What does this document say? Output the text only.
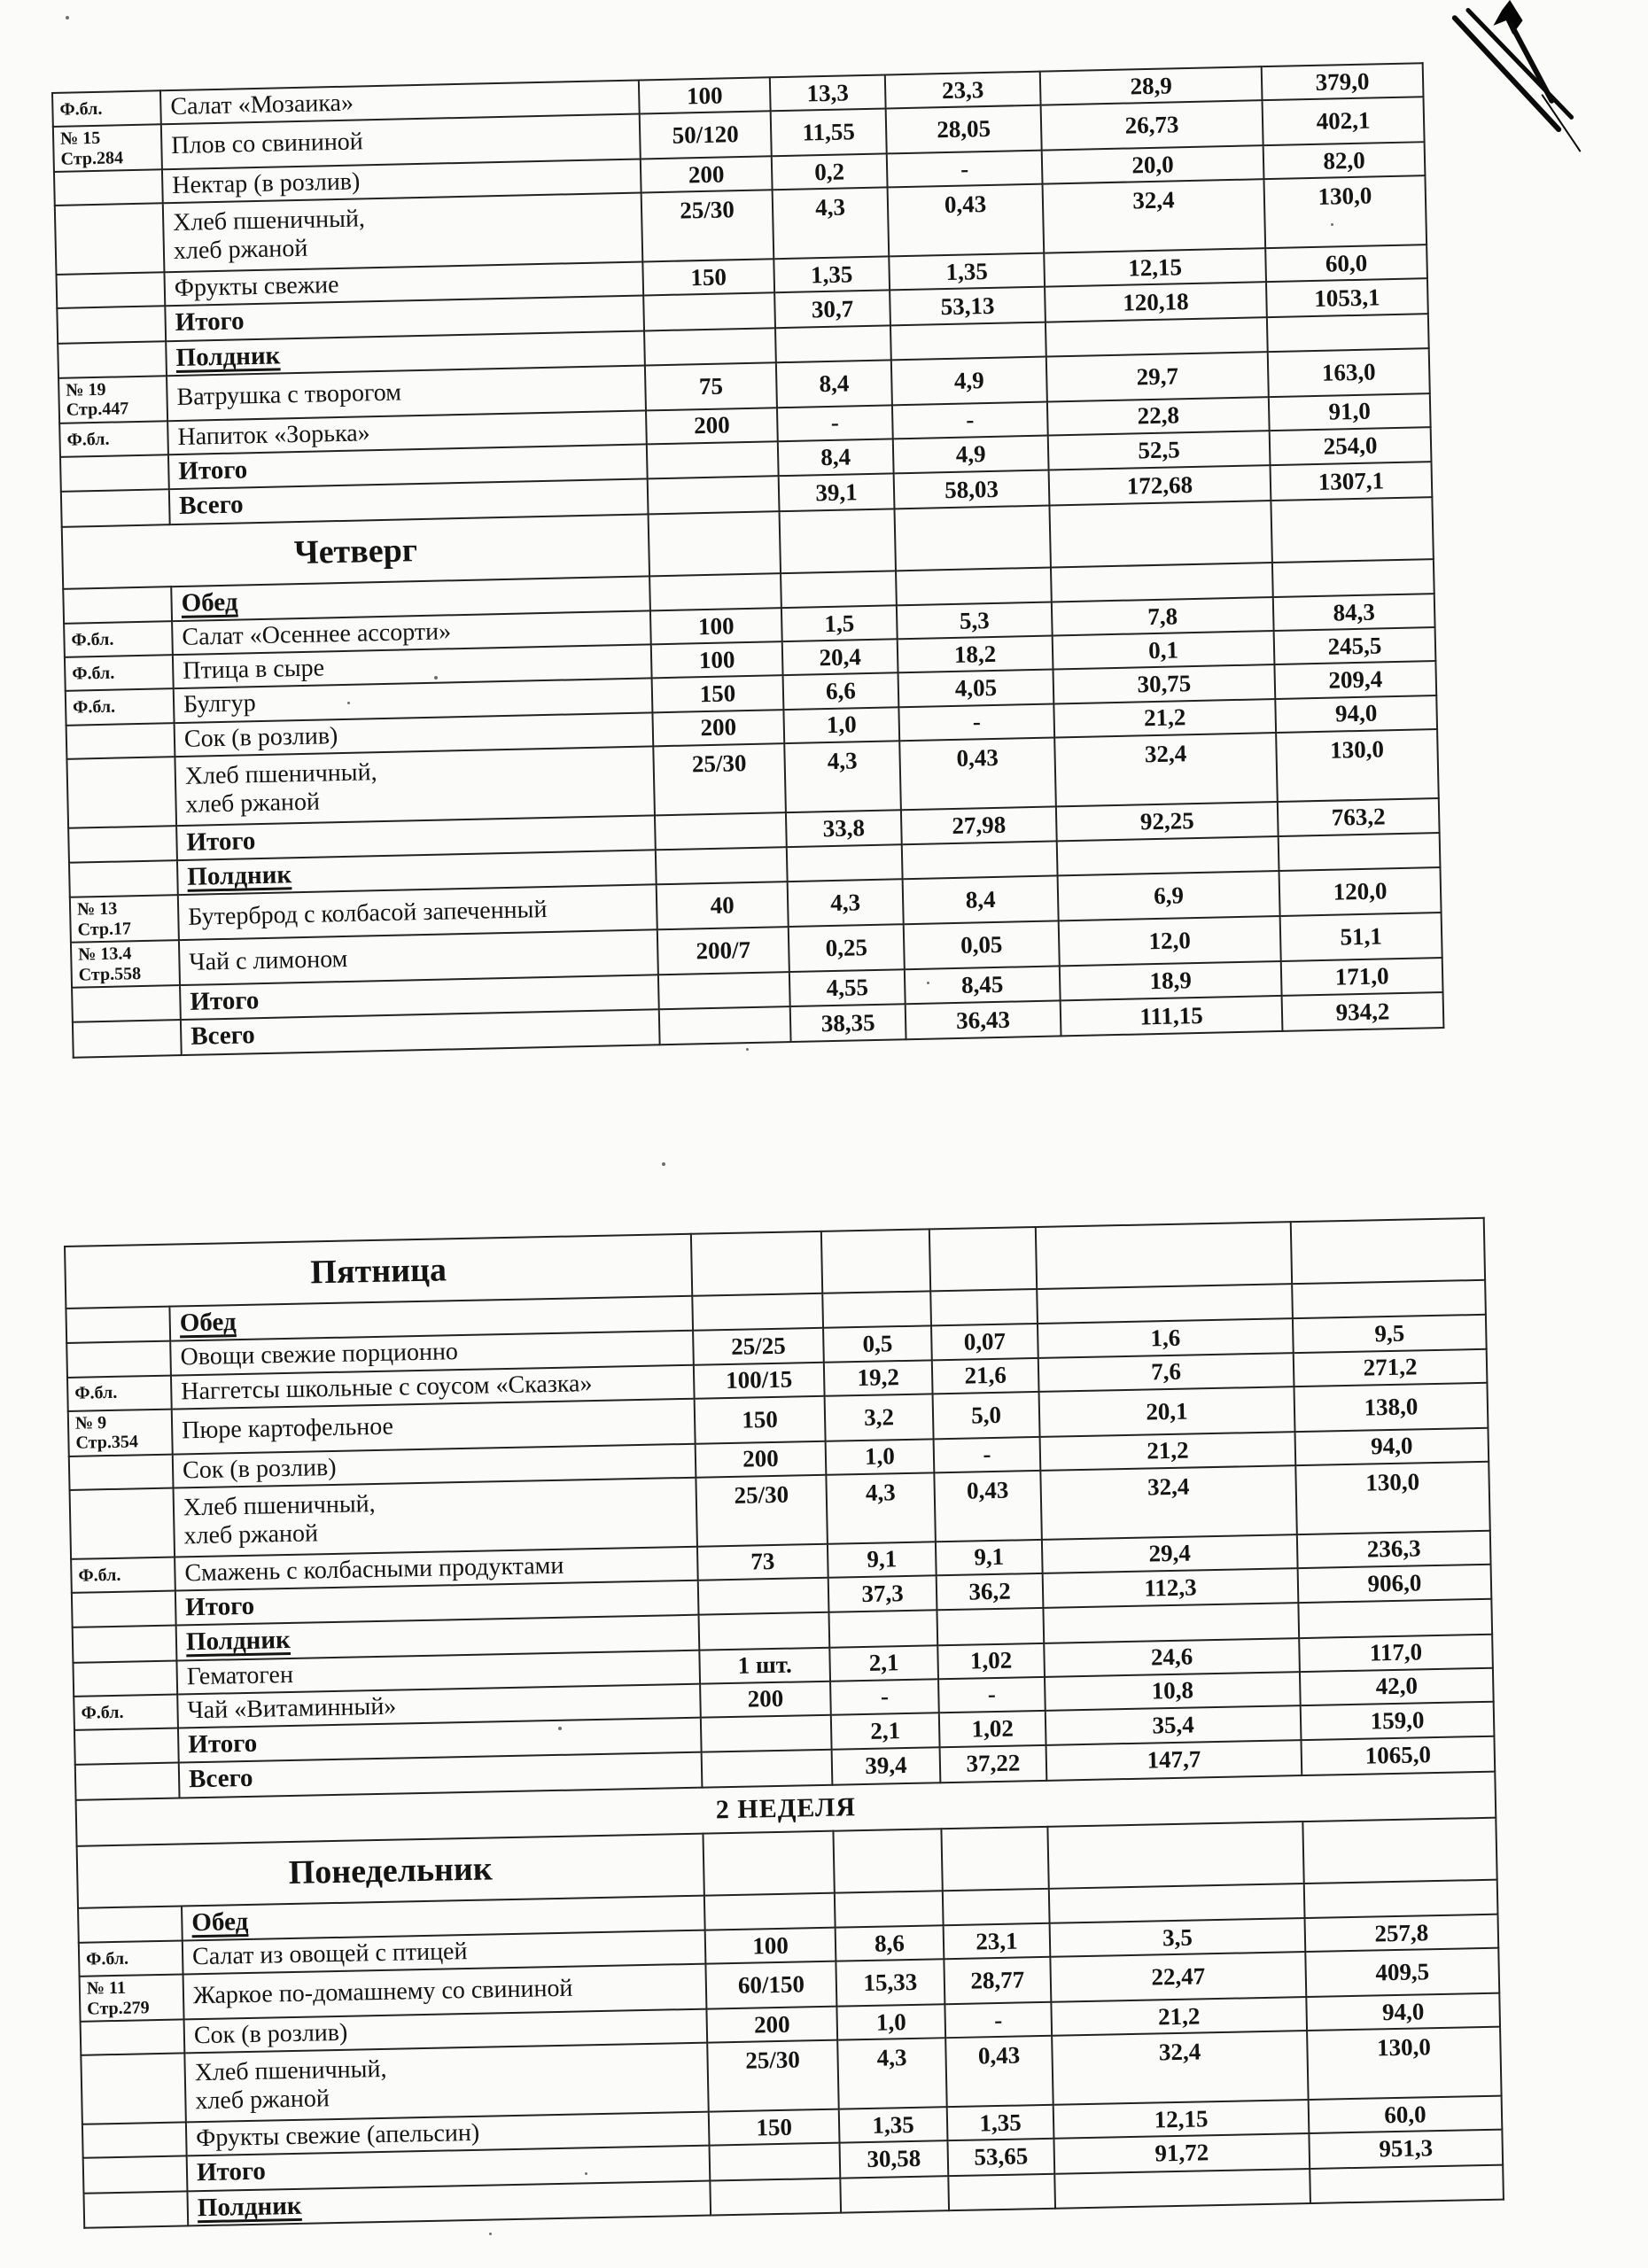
Ф.бл.	Салат «Мозаика»	100	13,3	23,3	28,9	379,0
№ 15
Стр.284	Плов со свининой	50/120	11,55	28,05	26,73	402,1
	Нектар (в розлив)	200	0,2	-	20,0	82,0
	Хлеб пшеничный,
хлеб ржаной	25/30	4,3	0,43	32,4	130,0
	Фрукты свежие	150	1,35	1,35	12,15	60,0
	Итого		30,7	53,13	120,18	1053,1
	Полдник					
№ 19
Стр.447	Ватрушка с творогом	75	8,4	4,9	29,7	163,0
Ф.бл.	Напиток «Зорька»	200	-	-	22,8	91,0
	Итого		8,4	4,9	52,5	254,0
	Всего		39,1	58,03	172,68	1307,1
Четверг						
	Обед					
Ф.бл.	Салат «Осеннее ассорти»	100	1,5	5,3	7,8	84,3
Ф.бл.	Птица в сыре	100	20,4	18,2	0,1	245,5
Ф.бл.	Булгур	150	6,6	4,05	30,75	209,4
	Сок (в розлив)	200	1,0	-	21,2	94,0
	Хлеб пшеничный,
хлеб ржаной	25/30	4,3	0,43	32,4	130,0
	Итого		33,8	27,98	92,25	763,2
	Полдник					
№ 13
Стр.17	Бутерброд с колбасой запеченный	40	4,3	8,4	6,9	120,0
№ 13.4
Стр.558	Чай с лимоном	200/7	0,25	0,05	12,0	51,1
	Итого		4,55	8,45	18,9	171,0
	Всего		38,35	36,43	111,15	934,2
Пятница						
	Обед					
	Овощи свежие порционно	25/25	0,5	0,07	1,6	9,5
Ф.бл.	Наггетсы школьные с соусом «Сказка»	100/15	19,2	21,6	7,6	271,2
№ 9
Стр.354	Пюре картофельное	150	3,2	5,0	20,1	138,0
	Сок (в розлив)	200	1,0	-	21,2	94,0
	Хлеб пшеничный,
хлеб ржаной	25/30	4,3	0,43	32,4	130,0
Ф.бл.	Смажень с колбасными продуктами	73	9,1	9,1	29,4	236,3
	Итого		37,3	36,2	112,3	906,0
	Полдник					
	Гематоген	1 шт.	2,1	1,02	24,6	117,0
Ф.бл.	Чай «Витаминный»	200	-	-	10,8	42,0
	Итого		2,1	1,02	35,4	159,0
	Всего		39,4	37,22	147,7	1065,0
2 НЕДЕЛЯ						
Понедельник						
	Обед					
Ф.бл.	Салат из овощей с птицей	100	8,6	23,1	3,5	257,8
№ 11
Стр.279	Жаркое по-домашнему со свининой	60/150	15,33	28,77	22,47	409,5
	Сок (в розлив)	200	1,0	-	21,2	94,0
	Хлеб пшеничный,
хлеб ржаной	25/30	4,3	0,43	32,4	130,0
	Фрукты свежие (апельсин)	150	1,35	1,35	12,15	60,0
	Итого		30,58	53,65	91,72	951,3
	Полдник					
